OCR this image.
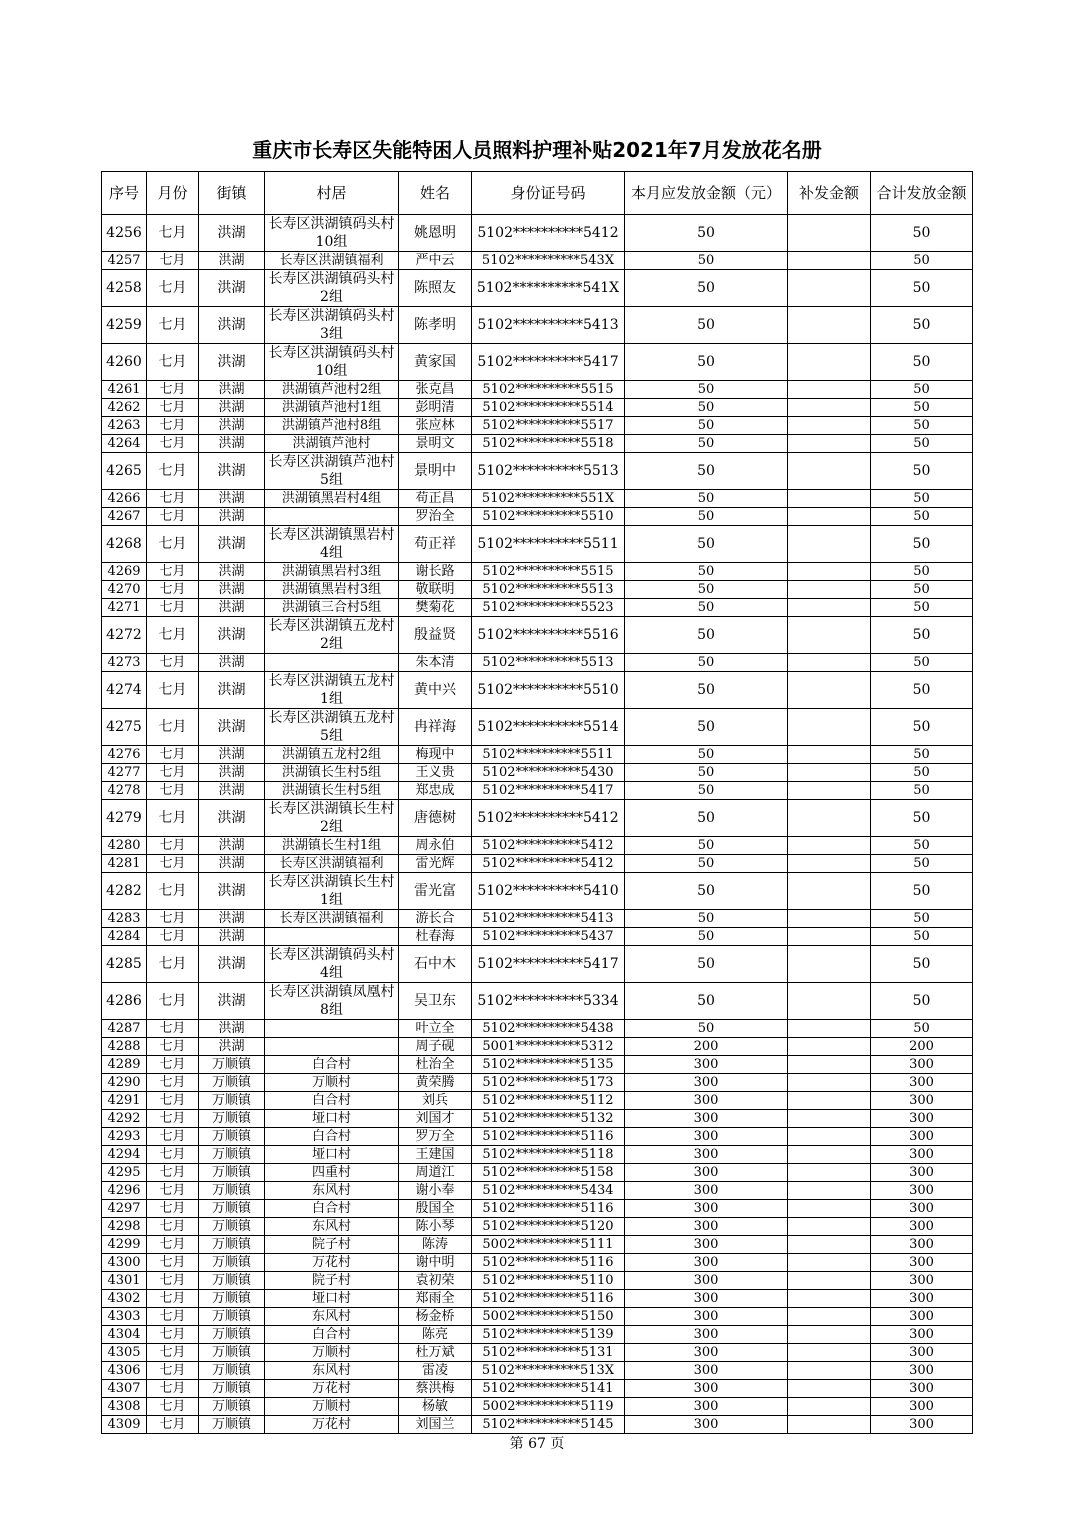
重庆市长寿区失能特困人员照料护理补贴2021年7月发放花名册
序号	月份	街镇	村居	姓名	身份证号码	本月应发放金额（元）	补发金额	合计发放金额
4256	七月	洪湖	长寿区洪湖镇码头村10组	姚恩明	5102**********5412	50		50
4257	七月	洪湖	长寿区洪湖镇福利	严中云	5102**********543X	50		50
4258	七月	洪湖	长寿区洪湖镇码头村2组	陈照友	5102**********541X	50		50
4259	七月	洪湖	长寿区洪湖镇码头村3组	陈孝明	5102**********5413	50		50
4260	七月	洪湖	长寿区洪湖镇码头村10组	黄家国	5102**********5417	50		50
4261	七月	洪湖	洪湖镇芦池村2组	张克昌	5102**********5515	50		50
4262	七月	洪湖	洪湖镇芦池村1组	彭明清	5102**********5514	50		50
4263	七月	洪湖	洪湖镇芦池村8组	张应林	5102**********5517	50		50
4264	七月	洪湖	洪湖镇芦池村	景明文	5102**********5518	50		50
4265	七月	洪湖	长寿区洪湖镇芦池村5组	景明中	5102**********5513	50		50
4266	七月	洪湖	洪湖镇黑岩村4组	苟正昌	5102**********551X	50		50
4267	七月	洪湖		罗治全	5102**********5510	50		50
4268	七月	洪湖	长寿区洪湖镇黑岩村4组	苟正祥	5102**********5511	50		50
4269	七月	洪湖	洪湖镇黑岩村3组	谢长路	5102**********5515	50		50
4270	七月	洪湖	洪湖镇黑岩村3组	敬联明	5102**********5513	50		50
4271	七月	洪湖	洪湖镇三合村5组	樊菊花	5102**********5523	50		50
4272	七月	洪湖	长寿区洪湖镇五龙村2组	殷益贤	5102**********5516	50		50
4273	七月	洪湖		朱本清	5102**********5513	50		50
4274	七月	洪湖	长寿区洪湖镇五龙村1组	黄中兴	5102**********5510	50		50
4275	七月	洪湖	长寿区洪湖镇五龙村5组	冉祥海	5102**********5514	50		50
4276	七月	洪湖	洪湖镇五龙村2组	梅现中	5102**********5511	50		50
4277	七月	洪湖	洪湖镇长生村5组	王义贵	5102**********5430	50		50
4278	七月	洪湖	洪湖镇长生村5组	郑忠成	5102**********5417	50		50
4279	七月	洪湖	长寿区洪湖镇长生村2组	唐德树	5102**********5412	50		50
4280	七月	洪湖	洪湖镇长生村1组	周永伯	5102**********5412	50		50
4281	七月	洪湖	长寿区洪湖镇福利	雷光辉	5102**********5412	50		50
4282	七月	洪湖	长寿区洪湖镇长生村1组	雷光富	5102**********5410	50		50
4283	七月	洪湖	长寿区洪湖镇福利	游长合	5102**********5413	50		50
4284	七月	洪湖		杜春海	5102**********5437	50		50
4285	七月	洪湖	长寿区洪湖镇码头村4组	石中木	5102**********5417	50		50
4286	七月	洪湖	长寿区洪湖镇凤凰村8组	吴卫东	5102**********5334	50		50
4287	七月	洪湖		叶立全	5102**********5438	50		50
4288	七月	洪湖		周子砚	5001**********5312	200		200
4289	七月	万顺镇	白合村	杜治全	5102**********5135	300		300
4290	七月	万顺镇	万顺村	黄荣腾	5102**********5173	300		300
4291	七月	万顺镇	白合村	刘兵	5102**********5112	300		300
4292	七月	万顺镇	垭口村	刘国才	5102**********5132	300		300
4293	七月	万顺镇	白合村	罗万全	5102**********5116	300		300
4294	七月	万顺镇	垭口村	王建国	5102**********5118	300		300
4295	七月	万顺镇	四重村	周道江	5102**********5158	300		300
4296	七月	万顺镇	东风村	谢小奉	5102**********5434	300		300
4297	七月	万顺镇	白合村	殷国全	5102**********5116	300		300
4298	七月	万顺镇	东风村	陈小琴	5102**********5120	300		300
4299	七月	万顺镇	院子村	陈涛	5002**********5111	300		300
4300	七月	万顺镇	万花村	谢中明	5102**********5116	300		300
4301	七月	万顺镇	院子村	袁初荣	5102**********5110	300		300
4302	七月	万顺镇	垭口村	郑雨全	5102**********5116	300		300
4303	七月	万顺镇	东风村	杨金桥	5002**********5150	300		300
4304	七月	万顺镇	白合村	陈亮	5102**********5139	300		300
4305	七月	万顺镇	万顺村	杜万斌	5102**********5131	300		300
4306	七月	万顺镇	东风村	雷凌	5102**********513X	300		300
4307	七月	万顺镇	万花村	蔡洪梅	5102**********5141	300		300
4308	七月	万顺镇	万顺村	杨敏	5002**********5119	300		300
4309	七月	万顺镇	万花村	刘国兰	5102**********5145	300		300
第 67 页
